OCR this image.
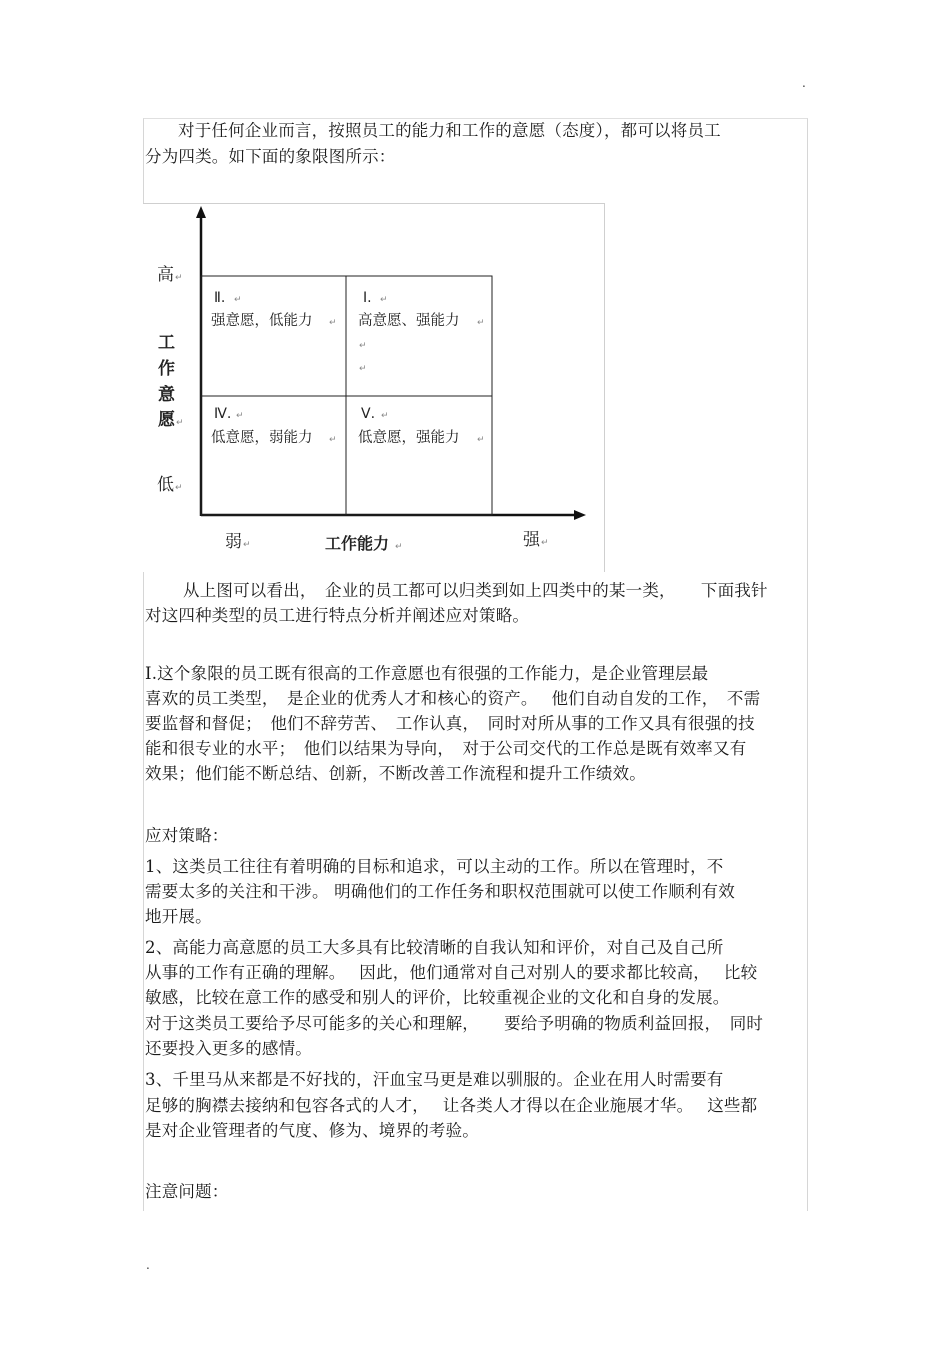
.
对于任何企业而言，按照员工的能力和工作的意愿（态度），都可以将员工
分为四类。如下面的象限图所示：
高 ↵
工
作
意
愿 ↵
低 ↵
Ⅱ. ↵
强意愿，低能力 ↵
Ⅰ. ↵
高意愿、强能力 ↵
↵
↵
Ⅳ. ↵
低意愿，弱能力 ↵
Ⅴ. ↵
低意愿，强能力 ↵
弱 ↵	工作能力 ↵	强 ↵
从上图可以看出，　企业的员工都可以归类到如上四类中的某一类，　　下面我针
对这四种类型的员工进行特点分析并阐述应对策略。
Ⅰ.这个象限的员工既有很高的工作意愿也有很强的工作能力，是企业管理层最
喜欢的员工类型，　是企业的优秀人才和核心的资产。　 他们自动自发的工作，　不需
要监督和督促；　他们不辞劳苦、　工作认真，　同时对所从事的工作又具有很强的技
能和很专业的水平；　他们以结果为导向，　对于公司交代的工作总是既有效率又有
效果；他们能不断总结、创新，不断改善工作流程和提升工作绩效。
应对策略：
1、这类员工往往有着明确的目标和追求，可以主动的工作。所以在管理时，不
需要太多的关注和干涉。 明确他们的工作任务和职权范围就可以使工作顺利有效
地开展。
2、高能力高意愿的员工大多具有比较清晰的自我认知和评价，对自己及自己所
从事的工作有正确的理解。　 因此，他们通常对自己对别人的要求都比较高，　 比较
敏感，比较在意工作的感受和别人的评价，比较重视企业的文化和自身的发展。
对于这类员工要给予尽可能多的关心和理解，　　要给予明确的物质利益回报，　同时
还要投入更多的感情。
3、千里马从来都是不好找的，汗血宝马更是难以驯服的。企业在用人时需要有
足够的胸襟去接纳和包容各式的人才，　 让各类人才得以在企业施展才华。　 这些都
是对企业管理者的气度、修为、境界的考验。
注意问题：
.
